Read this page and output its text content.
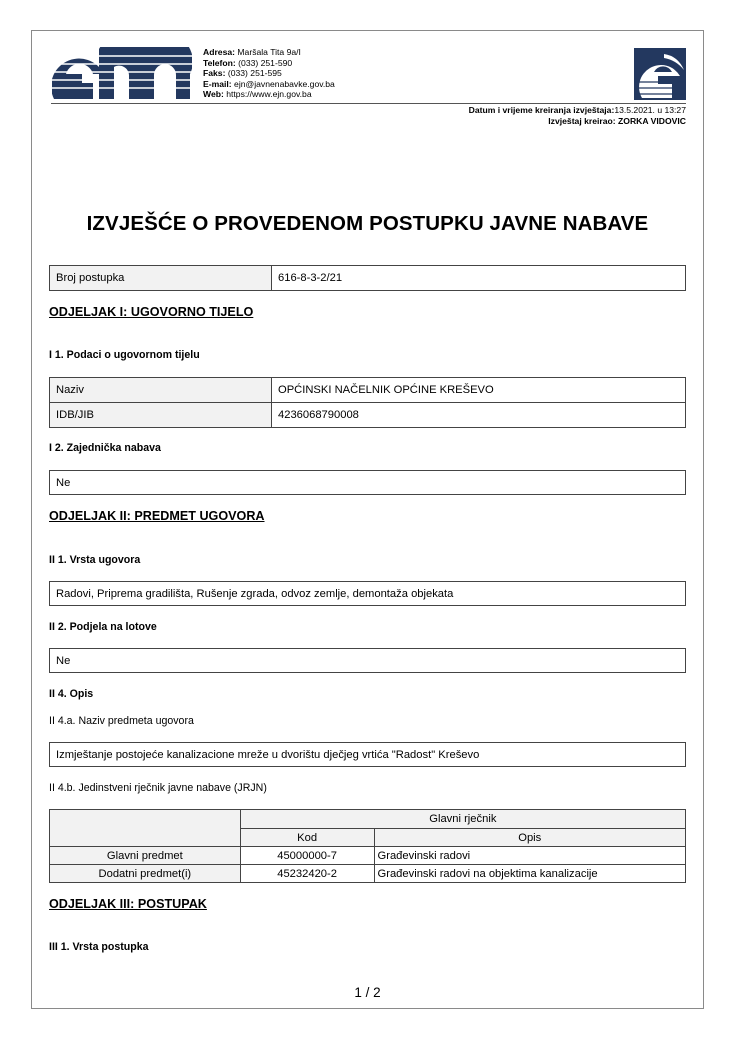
Adresa: Maršala Tita 9a/I
Telefon: (033) 251-590
Faks: (033) 251-595
E-mail: ejn@javnenabavke.gov.ba
Web: https://www.ejn.gov.ba
Datum i vrijeme kreiranja izvještaja:13.5.2021. u 13:27
Izvještaj kreirao: ZORKA VIDOVIC
IZVJEŠĆE O PROVEDENOM POSTUPKU JAVNE NABAVE
Broj postupka	616-8-3-2/21
ODJELJAK I: UGOVORNO TIJELO
I 1. Podaci o ugovornom tijelu
Naziv	OPĆINSKI NAČELNIK OPĆINE KREŠEVO
IDB/JIB	4236068790008
I 2. Zajednička nabava
Ne
ODJELJAK II: PREDMET UGOVORA
II 1. Vrsta ugovora
Radovi, Priprema gradilišta, Rušenje zgrada, odvoz zemlje, demontaža objekata
II 2. Podjela na lotove
Ne
II 4. Opis
II 4.a. Naziv predmeta ugovora
Izmještanje postojeće kanalizacione mreže u dvorištu dječjeg vrtića "Radost" Kreševo
II 4.b. Jedinstveni rječnik javne nabave (JRJN)
	Glavni rječnik	
	Kod	Opis
Glavni predmet	45000000-7	Građevinski radovi
Dodatni predmet(i)	45232420-2	Građevinski radovi na objektima kanalizacije
ODJELJAK III: POSTUPAK
III 1. Vrsta postupka
1 / 2
